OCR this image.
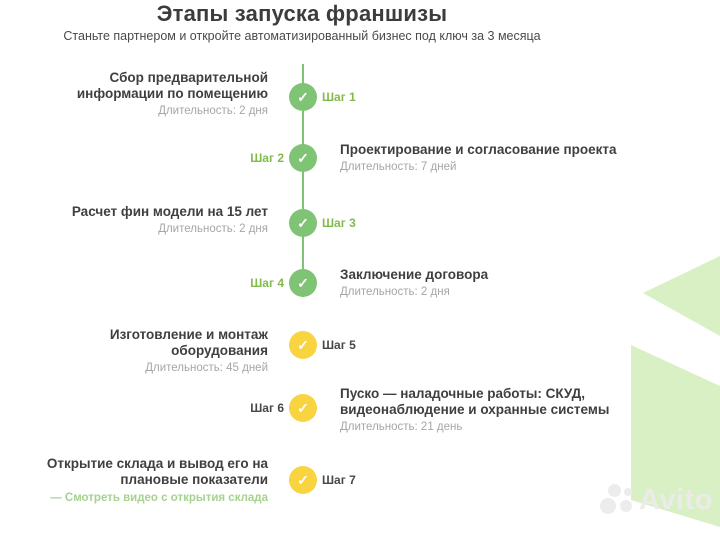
Этапы запуска франшизы
Станьте партнером и откройте автоматизированный бизнес под ключ за 3 месяца
✓
✓
✓
✓
✓
✓
✓
Шаг 1
Шаг 2
Шаг 3
Шаг 4
Шаг 5
Шаг 6
Шаг 7
Сбор предварительной информации по помещению
Длительность: 2 дня
Проектирование и согласование проекта
Длительность: 7 дней
Расчет фин модели на 15 лет
Длительность: 2 дня
Заключение договора
Длительность: 2 дня
Изготовление и монтаж оборудования
Длительность: 45 дней
Пуско — наладочные работы: СКУД, видеонаблюдение и охранные системы
Длительность: 21 день
Открытие склада и вывод его на плановые показатели
— Смотреть видео с открытия склада	Avito
